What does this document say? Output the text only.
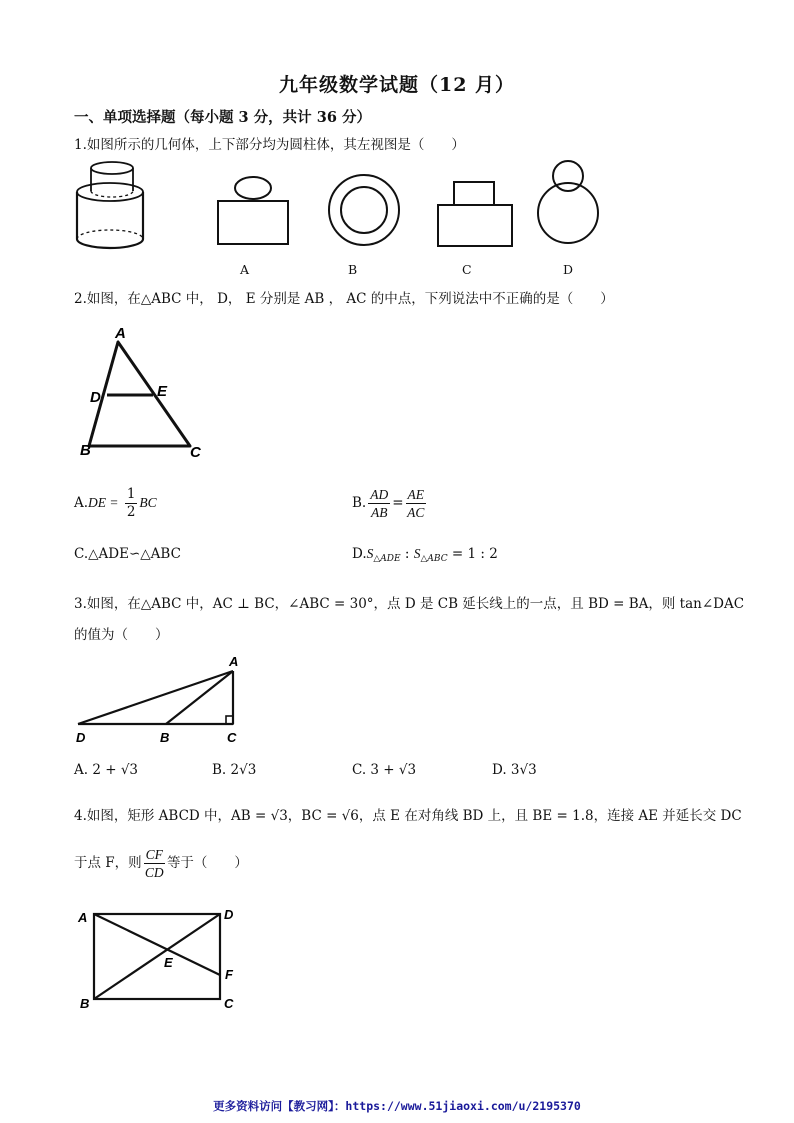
九年级数学试题（12 月）
一、单项选择题（每小题 3 分，共计 36 分）
1.如图所示的几何体，上下部分均为圆柱体，其左视图是（　　）
A	B	C	D
2.如图，在△ABC 中， D， E 分别是 AB ， AC 的中点，下列说法中不正确的是（　　）
A
D	E
B	C
$A.DE = \frac{1}{2}$ BC	B. $\frac{AD}{AB} = \frac{AE}{AC}$
C.△ADE∽△ABC	$D.S_{\triangle ADE}$ : $S_{\triangle ABC} = 1$ : 2
3.如图，在△ABC 中，AC ⊥ BC，∠ABC = 30°，点 D 是 CB 延长线上的一点，且 BD = BA，则 tan∠DAC
的值为（　　）
A
D	B	C
A. 2 + √3	B. 2√3	C. 3 + √3	D. 3√3
4.如图，矩形 ABCD 中，AB = √3，BC = √6，点 E 在对角线 BD 上，且 BE = 1.8，连接 AE 并延长交 DC
于点 F，则 $\frac{CF}{CD}$ 等于（　　）
A	D
E
F
B	C
更多资料访问【教习网】：https://www.51jiaoxi.com/u/2195370
